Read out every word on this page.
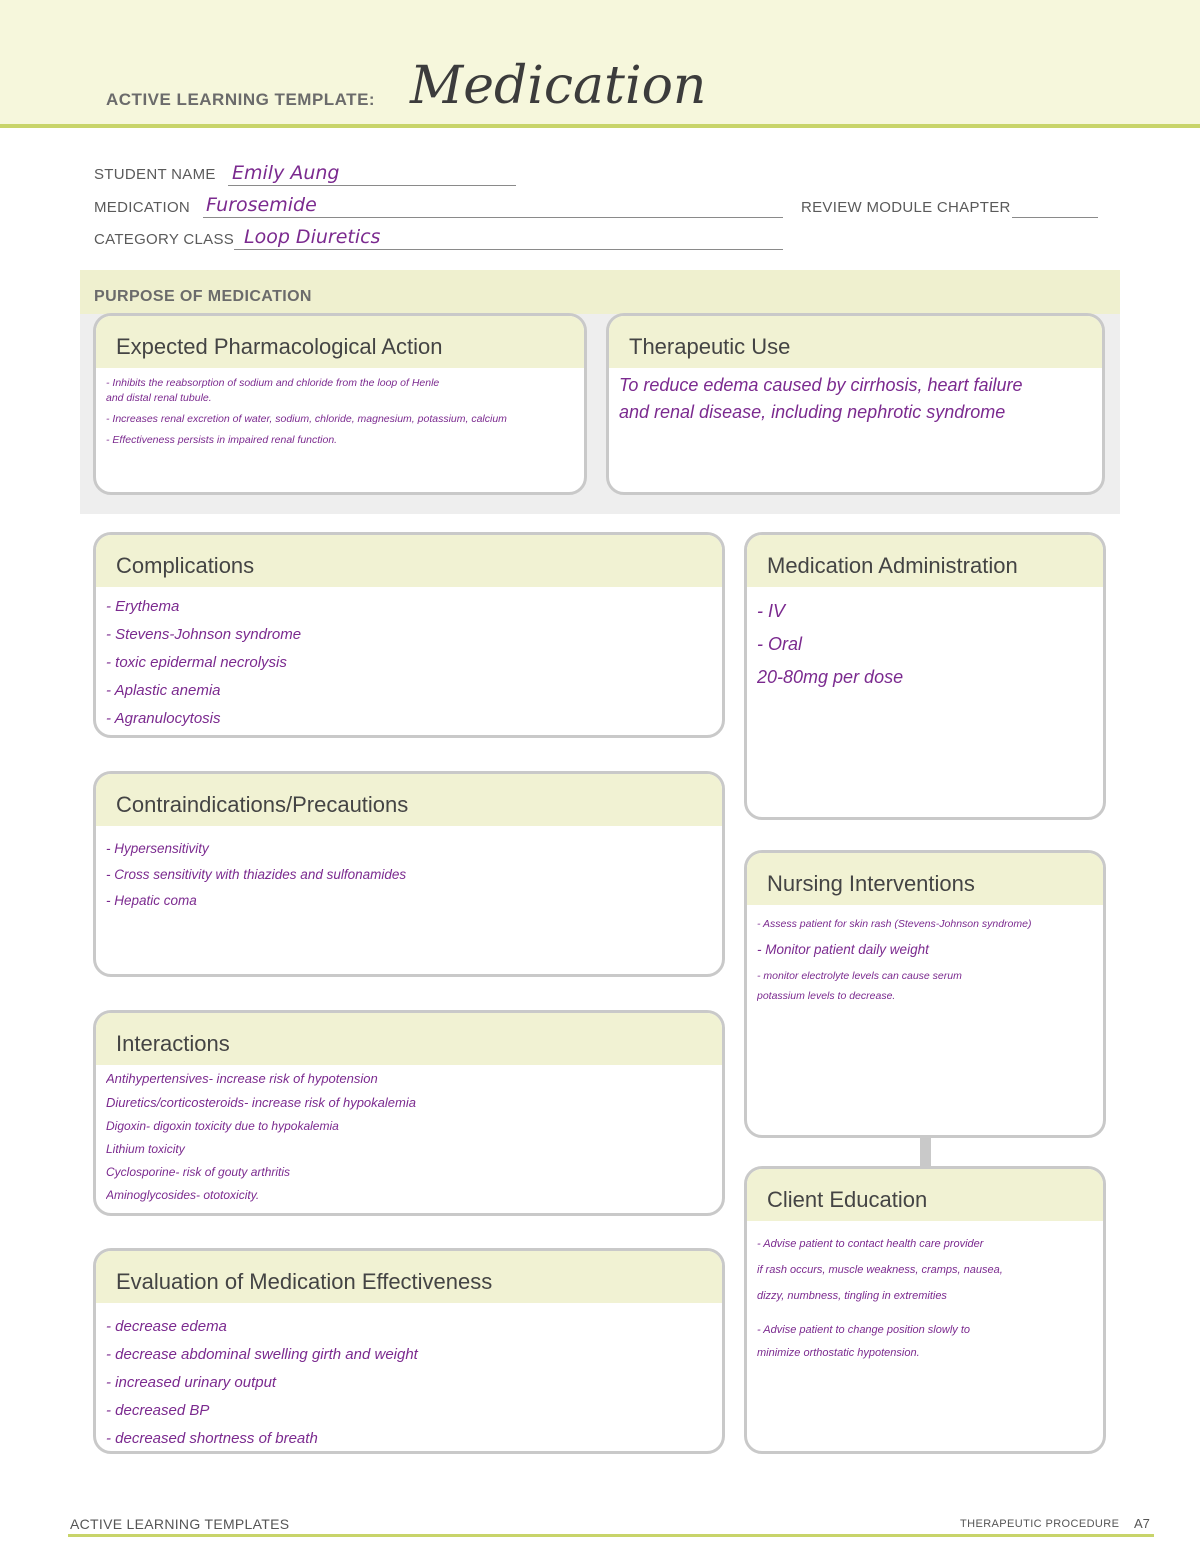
ACTIVE LEARNING TEMPLATE: Medication
STUDENT NAME Emily Aung
MEDICATION Furosemide	REVIEW MODULE CHAPTER
CATEGORY CLASS Loop Diuretics
PURPOSE OF MEDICATION
Expected Pharmacological Action
- Inhibits the reabsorption of sodium and chloride from the loop of Henle
and distal renal tubule.
- Increases renal excretion of water, sodium, chloride, magnesium, potassium, calcium
- Effectiveness persists in impaired renal function.
Therapeutic Use
To reduce edema caused by cirrhosis, heart failure
and renal disease, including nephrotic syndrome
Complications
- Erythema
- Stevens-Johnson syndrome
- toxic epidermal necrolysis
- Aplastic anemia
- Agranulocytosis
Medication Administration
- IV
- Oral
20-80mg per dose
Contraindications/Precautions
- Hypersensitivity
- Cross sensitivity with thiazides and sulfonamides
- Hepatic coma
Nursing Interventions
- Assess patient for skin rash (Stevens-Johnson syndrome)
- Monitor patient daily weight
- monitor electrolyte levels can cause serum
potassium levels to decrease.
Interactions
Antihypertensives- increase risk of hypotension
Diuretics/corticosteroids- increase risk of hypokalemia
Digoxin- digoxin toxicity due to hypokalemia
Lithium toxicity
Cyclosporine- risk of gouty arthritis
Aminoglycosides- ototoxicity.	Client Education
- Advise patient to contact health care provider
if rash occurs, muscle weakness, cramps, nausea,
dizzy, numbness, tingling in extremities
- Advise patient to change position slowly to
minimize orthostatic hypotension.
Evaluation of Medication Effectiveness
- decrease edema
- decrease abdominal swelling girth and weight
- increased urinary output
- decreased BP
- decreased shortness of breath
ACTIVE LEARNING TEMPLATES	THERAPEUTIC PROCEDURE A7
